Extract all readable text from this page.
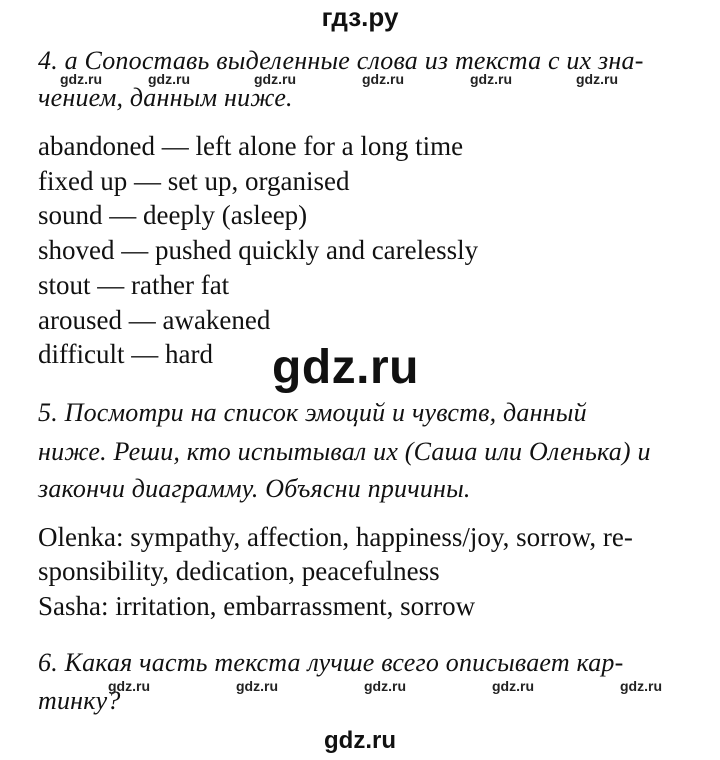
гдз.ру
4. a Сопоставь выделенные слова из текста с их зна-
чением, данным ниже.
gdz.ru	gdz.ru	gdz.ru	gdz.ru	gdz.ru	gdz.ru
abandoned — left alone for a long time
fixed up — set up, organised
sound — deeply (asleep)
shoved — pushed quickly and carelessly
stout — rather fat
aroused — awakened
difficult — hard gdz.ru
5. Посмотри на список эмоций и чувств, данный
ниже. Реши, кто испытывал их (Саша или Оленька) и
закончи диаграмму. Объясни причины.
Olenka: sympathy, affection, happiness/joy, sorrow, re-
sponsibility, dedication, peacefulness
Sasha: irritation, embarrassment, sorrow
6. Какая часть текста лучше всего описывает кар-
тинку?
gdz.ru	gdz.ru	gdz.ru	gdz.ru	gdz.ru
gdz.ru
